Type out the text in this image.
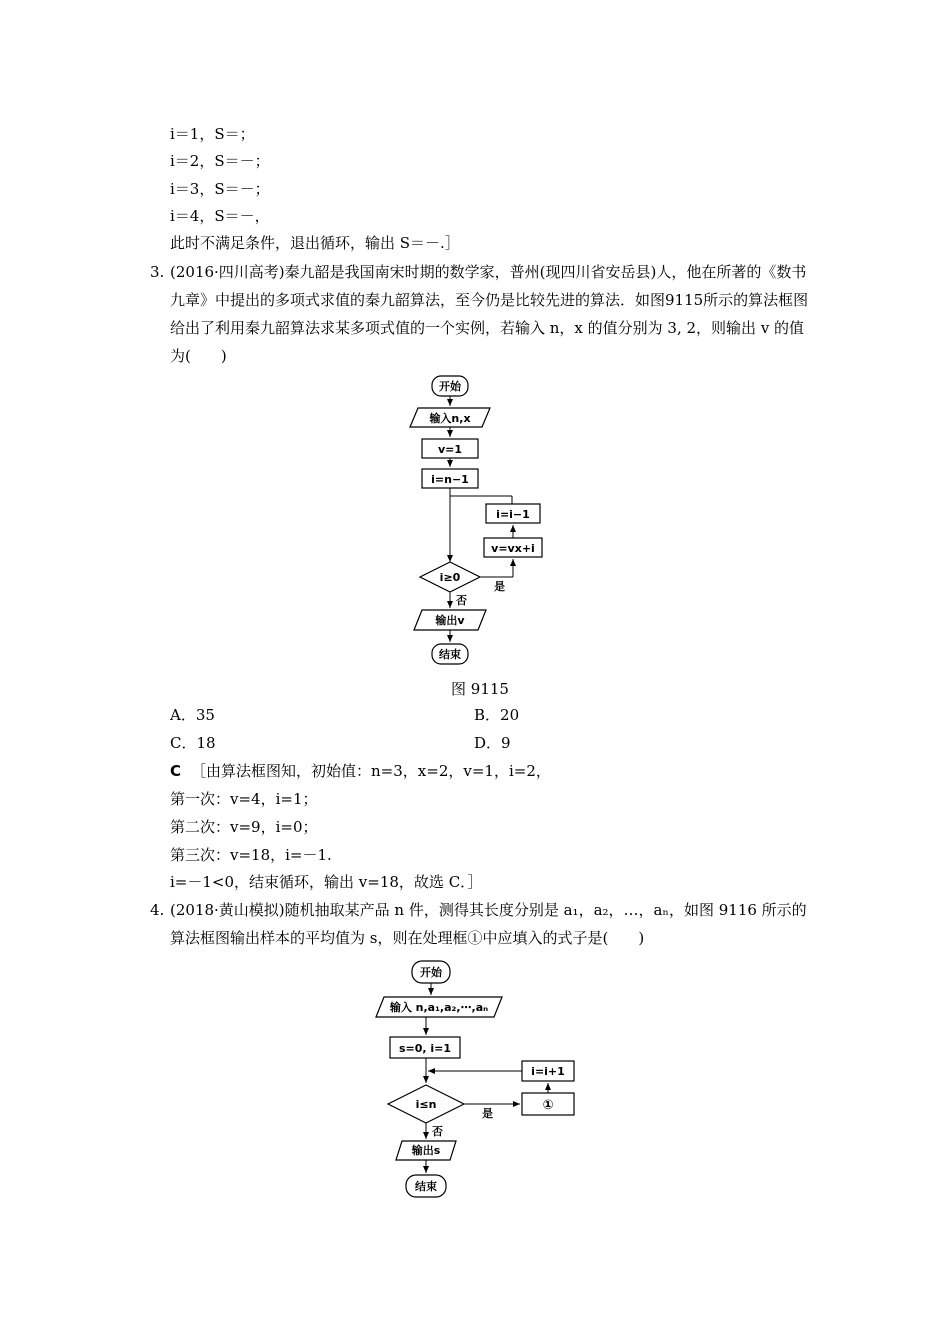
i＝1，S＝；
i＝2，S＝－；
i＝3，S＝－；
i＝4，S＝－，
此时不满足条件，退出循环，输出 S＝－.］
3. (2016·四川高考)秦九韶是我国南宋时期的数学家，普州(现四川省安岳县)人，他在所著的《数书九章》中提出的多项式求值的秦九韶算法，至今仍是比较先进的算法．如图9115所示的算法框图给出了利用秦九韶算法求某多项式值的一个实例，若输入 n，x 的值分别为 3, 2，则输出 v 的值为(　　)
开始
输入n,x
v=1
i=n−1
i=i−1
v=vx+i
i≥0
是
否
输出v
结束
图 9115
A．35	B．20
C．18	D．9
C ［由算法框图知，初始值：n=3，x=2，v=1，i=2，
第一次：v=4，i=1；
第二次：v=9，i=0；
第三次：v=18，i=－1.
i=－1<0，结束循环，输出 v=18，故选 C．］
4. (2018·黄山模拟)随机抽取某产品 n 件，测得其长度分别是 a₁，a₂，…，aₙ，如图 9116 所示的算法框图输出样本的平均值为 s，则在处理框①中应填入的式子是(　　)
开始
输入 n,a₁,a₂,⋯,aₙ
s=0, i=1
i=i+1
①
i≤n
是
否
输出s
结束
